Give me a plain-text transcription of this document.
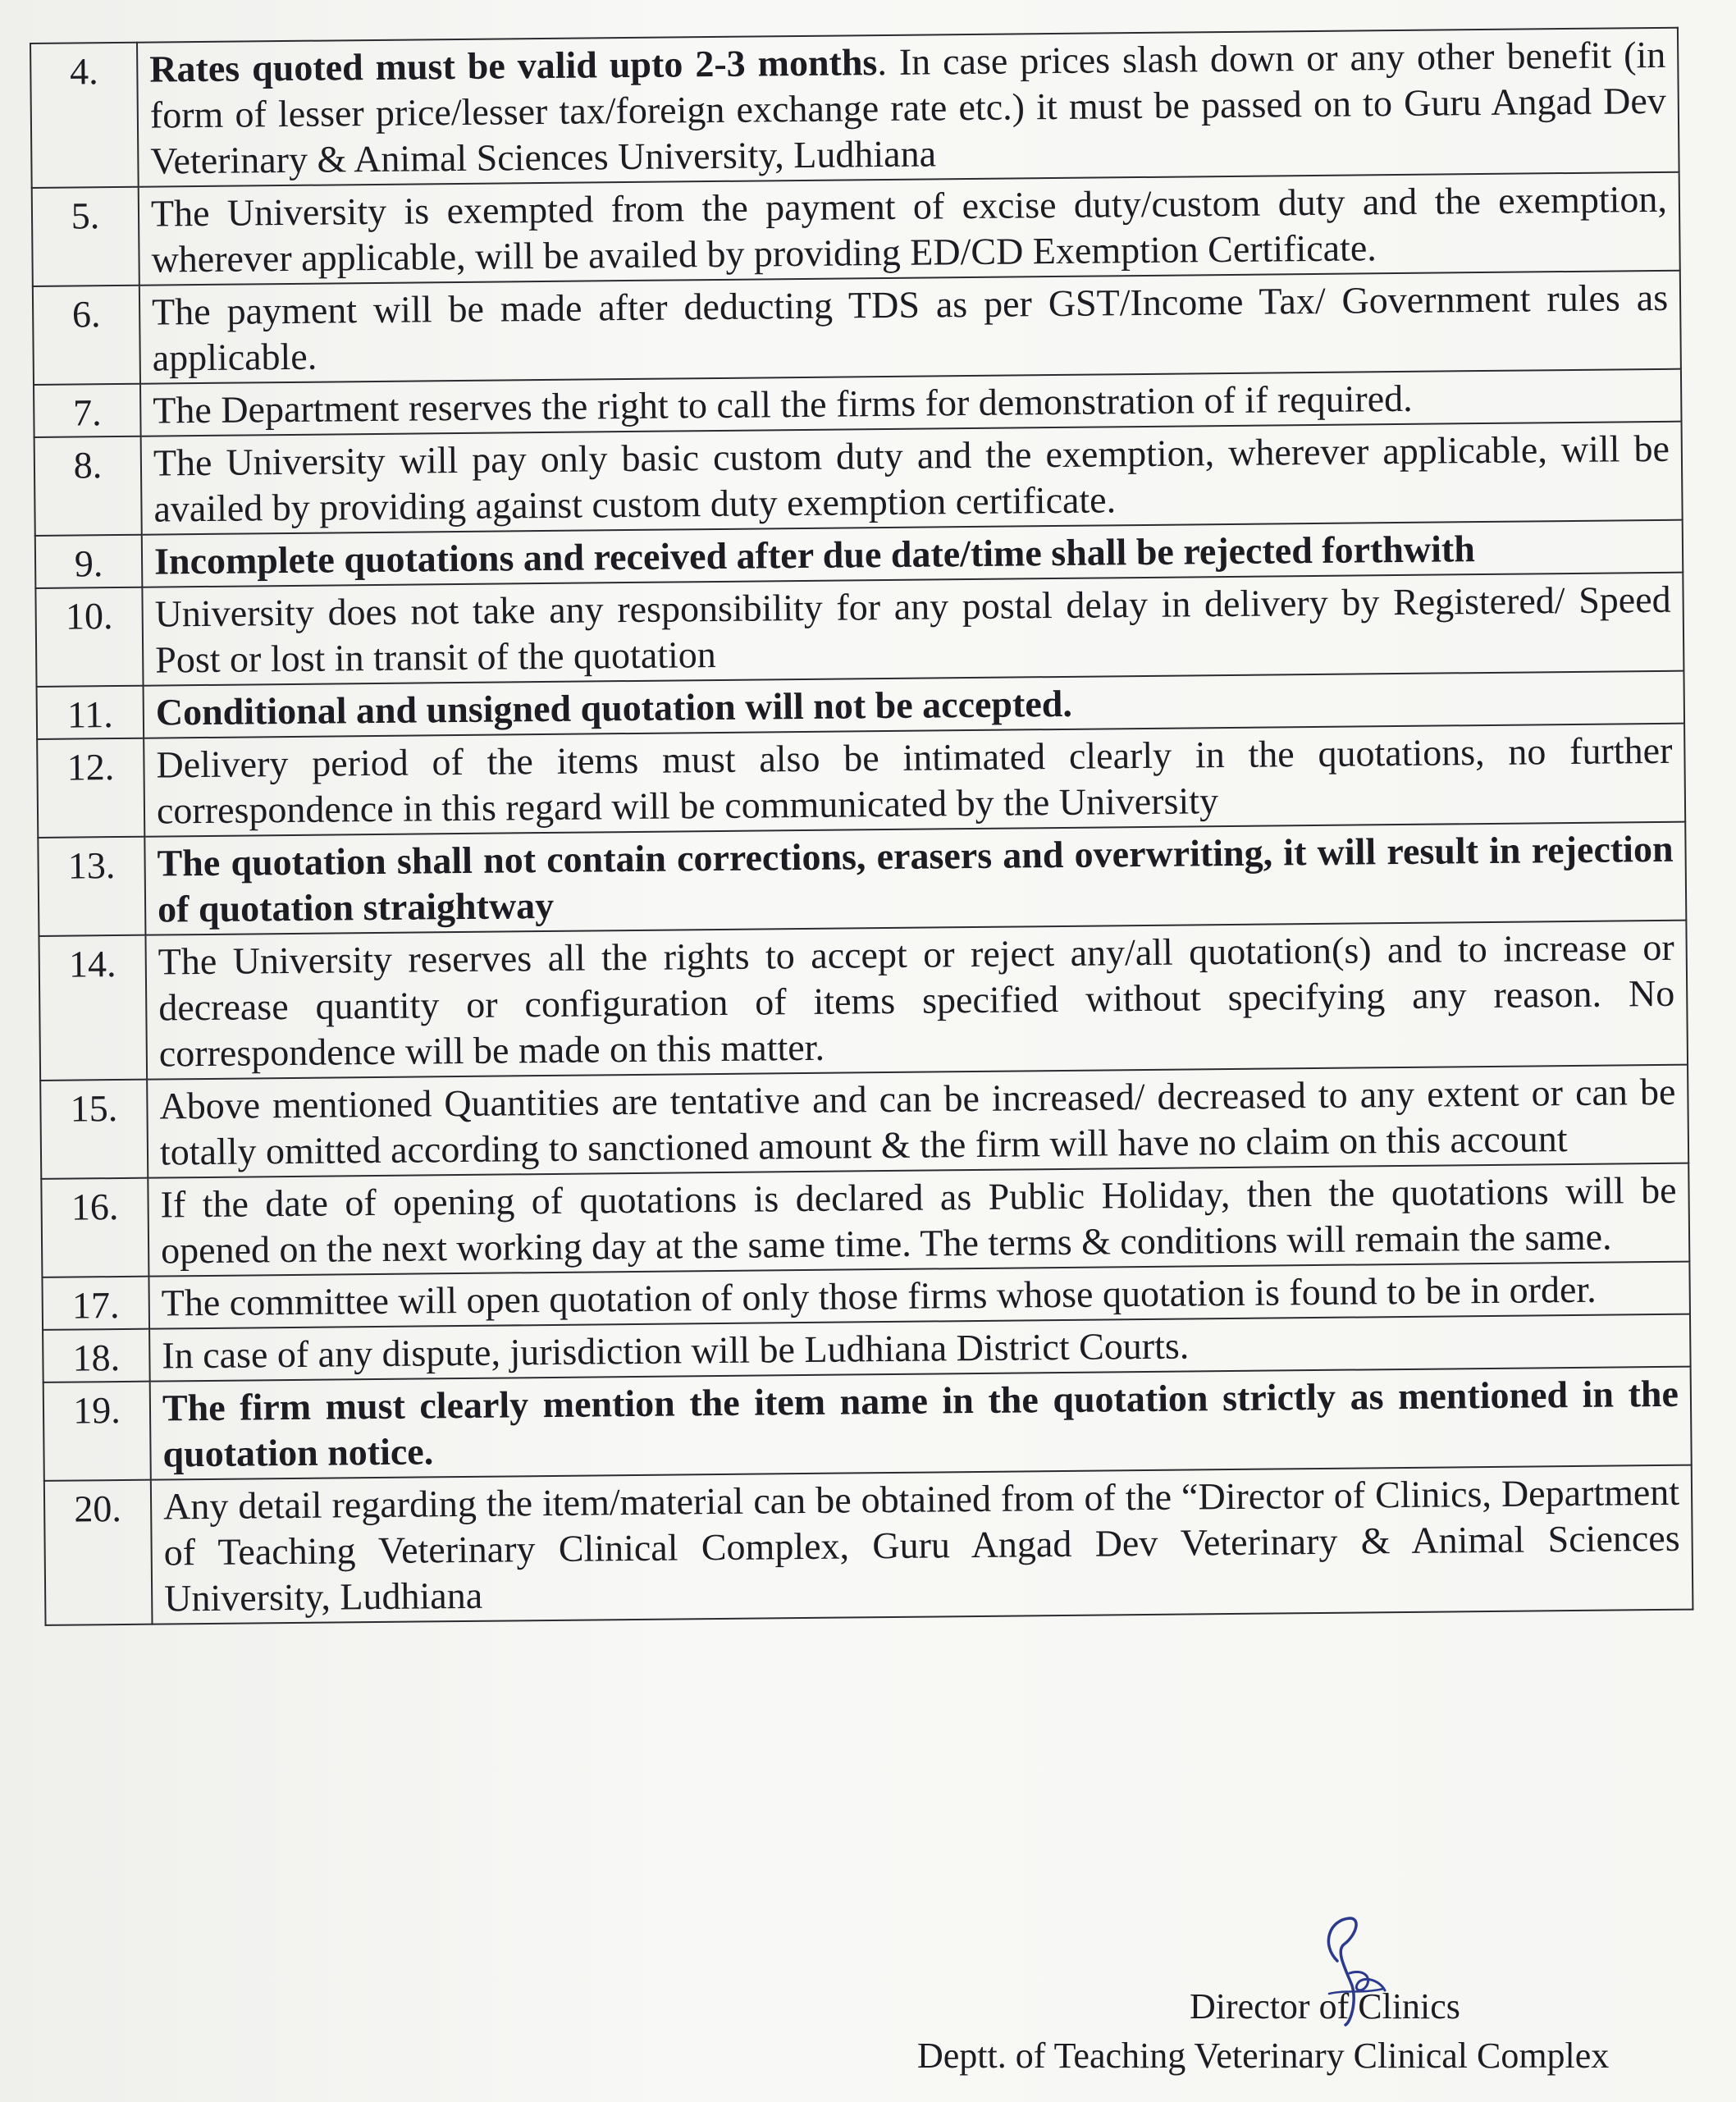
4.	Rates quoted must be valid upto 2-3 months. In case prices slash down or any other benefit (in form of lesser price/lesser tax/foreign exchange rate etc.) it must be passed on to Guru Angad Dev Veterinary & Animal Sciences University, Ludhiana
5.	The University is exempted from the payment of excise duty/custom duty and the exemption, wherever applicable, will be availed by providing ED/CD Exemption Certificate.
6.	The payment will be made after deducting TDS as per GST/Income Tax/ Government rules as applicable.
7.	The Department reserves the right to call the firms for demonstration of if required.
8.	The University will pay only basic custom duty and the exemption, wherever applicable, will be availed by providing against custom duty exemption certificate.
9.	Incomplete quotations and received after due date/time shall be rejected forthwith
10.	University does not take any responsibility for any postal delay in delivery by Registered/ Speed Post or lost in transit of the quotation
11.	Conditional and unsigned quotation will not be accepted.
12.	Delivery period of the items must also be intimated clearly in the quotations, no further correspondence in this regard will be communicated by the University
13.	The quotation shall not contain corrections, erasers and overwriting, it will result in rejection of quotation straightway
14.	The University reserves all the rights to accept or reject any/all quotation(s) and to increase or decrease quantity or configuration of items specified without specifying any reason. No correspondence will be made on this matter.
15.	Above mentioned Quantities are tentative and can be increased/ decreased to any extent or can be totally omitted according to sanctioned amount & the firm will have no claim on this account
16.	If the date of opening of quotations is declared as Public Holiday, then the quotations will be opened on the next working day at the same time. The terms & conditions will remain the same.
17.	The committee will open quotation of only those firms whose quotation is found to be in order.
18.	In case of any dispute, jurisdiction will be Ludhiana District Courts.
19.	The firm must clearly mention the item name in the quotation strictly as mentioned in the quotation notice.
20.	Any detail regarding the item/material can be obtained from of the “Director of Clinics, Department of Teaching Veterinary Clinical Complex, Guru Angad Dev Veterinary & Animal Sciences University, Ludhiana
Director of Clinics
Deptt. of Teaching Veterinary Clinical Complex
